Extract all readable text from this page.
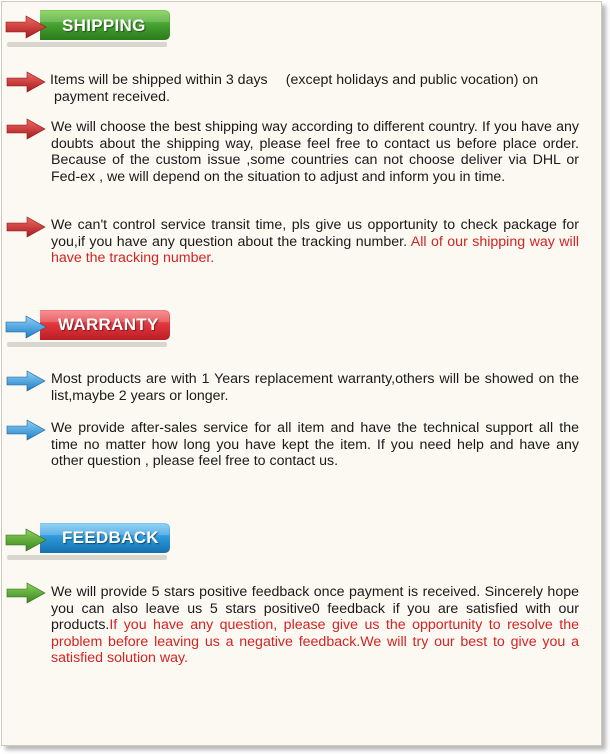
SHIPPING

Items will be shipped within 3 days 　(except holidays and public vocation) on
payment received.

We will choose the best shipping way according to different country. If you have any doubts about the shipping way, please feel free to contact us before place order. Because of the custom issue ,some countries can not choose deliver via DHL or Fed-ex , we will depend on the situation to adjust and inform you in time.

We can't control service transit time, pls give us opportunity to check package for you,if you have any question about the tracking number. All of our shipping way will have the tracking number.

WARRANTY

Most products are with 1 Years replacement warranty,others will be showed on the list,maybe 2 years or longer.

We provide after-sales service for all item and have the technical support all the time no matter how long you have kept the item. If you need help and have any other question , please feel free to contact us.

FEEDBACK

We will provide 5 stars positive feedback once payment is received. Sincerely hope you can also leave us 5 stars positive0 feedback if you are satisfied with our products.If you have any question, please give us the opportunity to resolve the problem before leaving us a negative feedback.We will try our best to give you a satisfied solution way.
